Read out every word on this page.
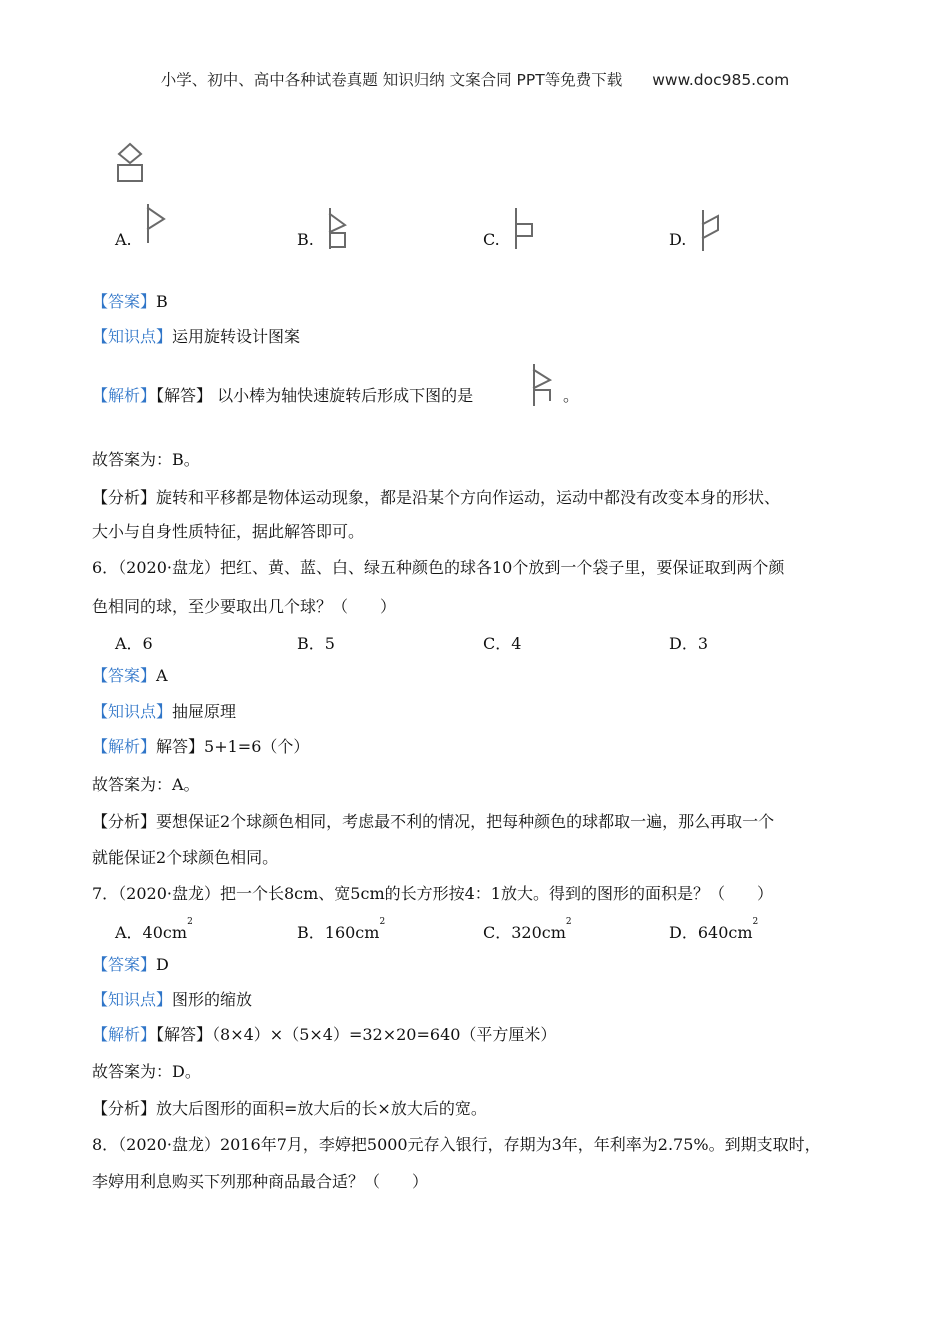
小学、初中、高中各种试卷真题 知识归纳 文案合同 PPT等免费下载 www.doc985.com
A.	B.	C.	D.
【答案】B
【知识点】运用旋转设计图案
【解析】【解答】 以小棒为轴快速旋转后形成下图的是	。
故答案为：B。
【分析】旋转和平移都是物体运动现象，都是沿某个方向作运动，运动中都没有改变本身的形状、
大小与自身性质特征，据此解答即可。
6．（2020·盘龙）把红、黄、蓝、白、绿五种颜色的球各10个放到一个袋子里，要保证取到两个颜
色相同的球，至少要取出几个球？（　　）
A．6	B．5	C．4	D．3
【答案】A
【知识点】抽屉原理
【解析】解答】5+1=6（个）
故答案为：A。
【分析】要想保证2个球颜色相同，考虑最不利的情况，把每种颜色的球都取一遍，那么再取一个
就能保证2个球颜色相同。
7．（2020·盘龙）把一个长8cm、宽5cm的长方形按4：1放大。得到的图形的面积是？（　　）
A．$40cm^2$
B．$160cm^2$
C．$320cm^2$
D．$640cm^2$
【答案】D
【知识点】图形的缩放
【解析】【解答】（8×4）×（5×4）=32×20=640（平方厘米）
故答案为：D。
【分析】放大后图形的面积=放大后的长×放大后的宽。
8．（2020·盘龙）2016年7月，李婷把5000元存入银行，存期为3年，年利率为2.75%。到期支取时，
李婷用利息购买下列那种商品最合适？（　　）
